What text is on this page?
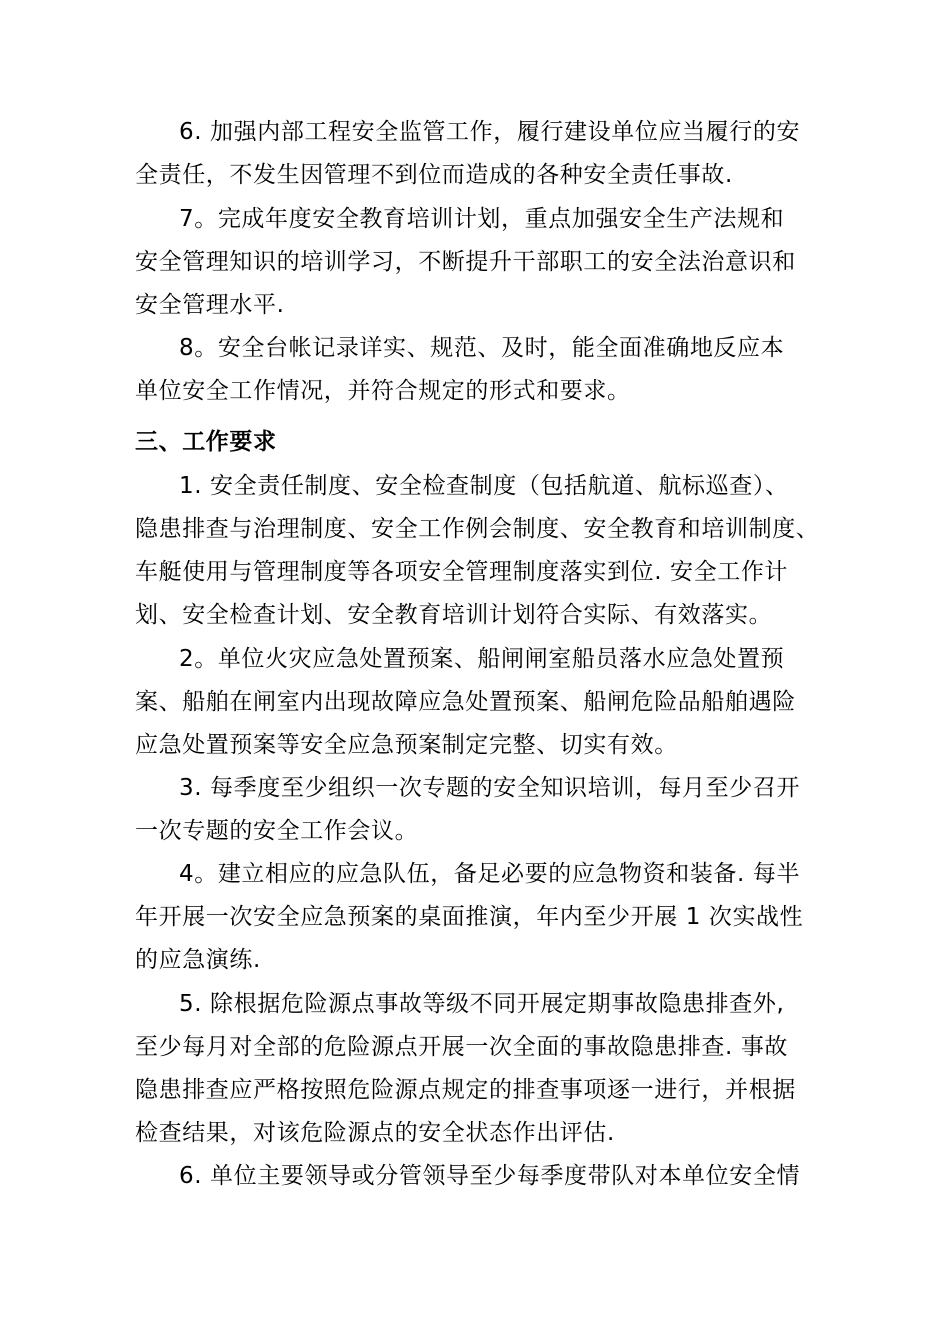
6. 加强内部工程安全监管工作，履行建设单位应当履行的安
全责任，不发生因管理不到位而造成的各种安全责任事故.
7。完成年度安全教育培训计划，重点加强安全生产法规和
安全管理知识的培训学习，不断提升干部职工的安全法治意识和
安全管理水平.
8。安全台帐记录详实、规范、及时，能全面准确地反应本
单位安全工作情况，并符合规定的形式和要求。
三、工作要求
1. 安全责任制度、安全检查制度（包括航道、航标巡查）、
隐患排查与治理制度、安全工作例会制度、安全教育和培训制度、
车艇使用与管理制度等各项安全管理制度落实到位. 安全工作计
划、安全检查计划、安全教育培训计划符合实际、有效落实。
2。单位火灾应急处置预案、船闸闸室船员落水应急处置预
案、船舶在闸室内出现故障应急处置预案、船闸危险品船舶遇险
应急处置预案等安全应急预案制定完整、切实有效。
3. 每季度至少组织一次专题的安全知识培训，每月至少召开
一次专题的安全工作会议。
4。建立相应的应急队伍，备足必要的应急物资和装备. 每半
年开展一次安全应急预案的桌面推演，年内至少开展 1 次实战性
的应急演练.
5. 除根据危险源点事故等级不同开展定期事故隐患排查外,
至少每月对全部的危险源点开展一次全面的事故隐患排查. 事故
隐患排查应严格按照危险源点规定的排查事项逐一进行，并根据
检查结果，对该危险源点的安全状态作出评估.
6. 单位主要领导或分管领导至少每季度带队对本单位安全情
